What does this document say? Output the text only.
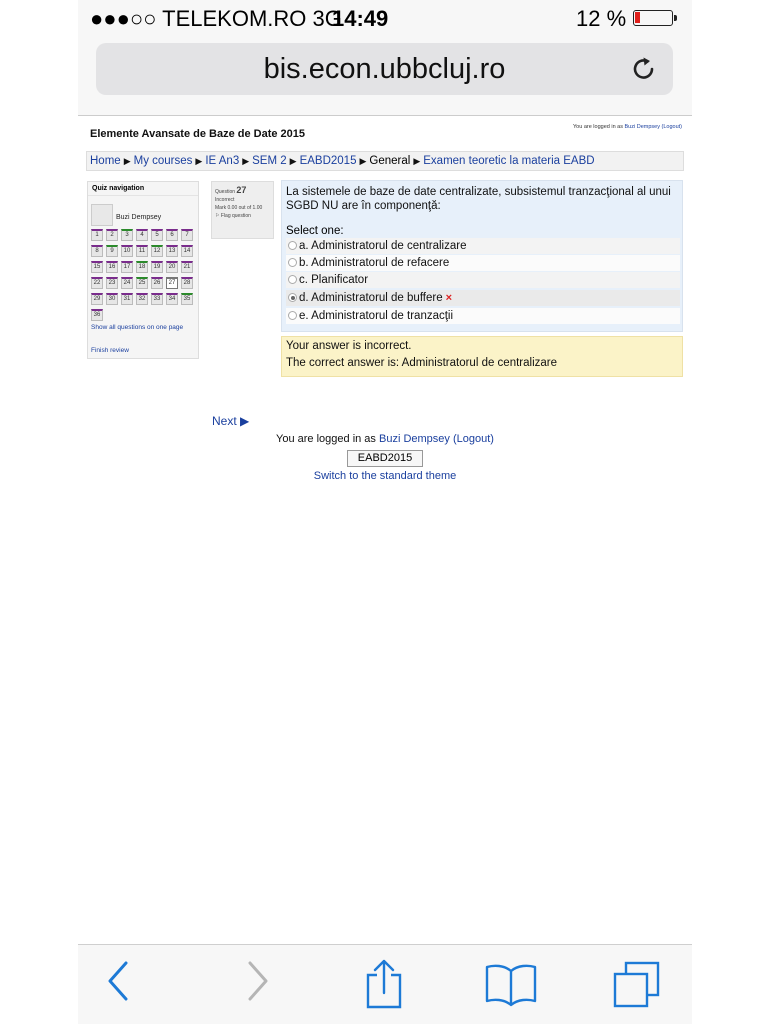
●●●○○ TELEKOM.RO 3G
14:49	12 %
bis.econ.ubbcluj.ro
Elemente Avansate de Baze de Date 2015
You are logged in as Buzi Dempsey (Logout)
Home ▶ My courses ▶ IE An3 ▶ SEM 2 ▶ EABD2015 ▶ General ▶ Examen teoretic la materia EABD
Quiz navigation
Buzi Dempsey
1	2	3	4	5	6	7
8	9	10	11	12	13	14
15	16	17	18	19	20	21
22	23	24	25	26	27	28
29	30	31	32	33	34	35
36
Show all questions on one page
Finish review
Question 27
Incorrect
Mark 0.00 out of 1.00
⚐ Flag question
La sistemele de baze de date centralizate, subsistemul tranzacţional al unui SGBD NU are în componenţă:
Select one:
a. Administratorul de centralizare
b. Administratorul de refacere
c. Planificator
d. Administratorul de buffere ×
e. Administratorul de tranzacţii
Your answer is incorrect.
The correct answer is: Administratorul de centralizare
Next ▶
You are logged in as Buzi Dempsey (Logout)
EABD2015
Switch to the standard theme
